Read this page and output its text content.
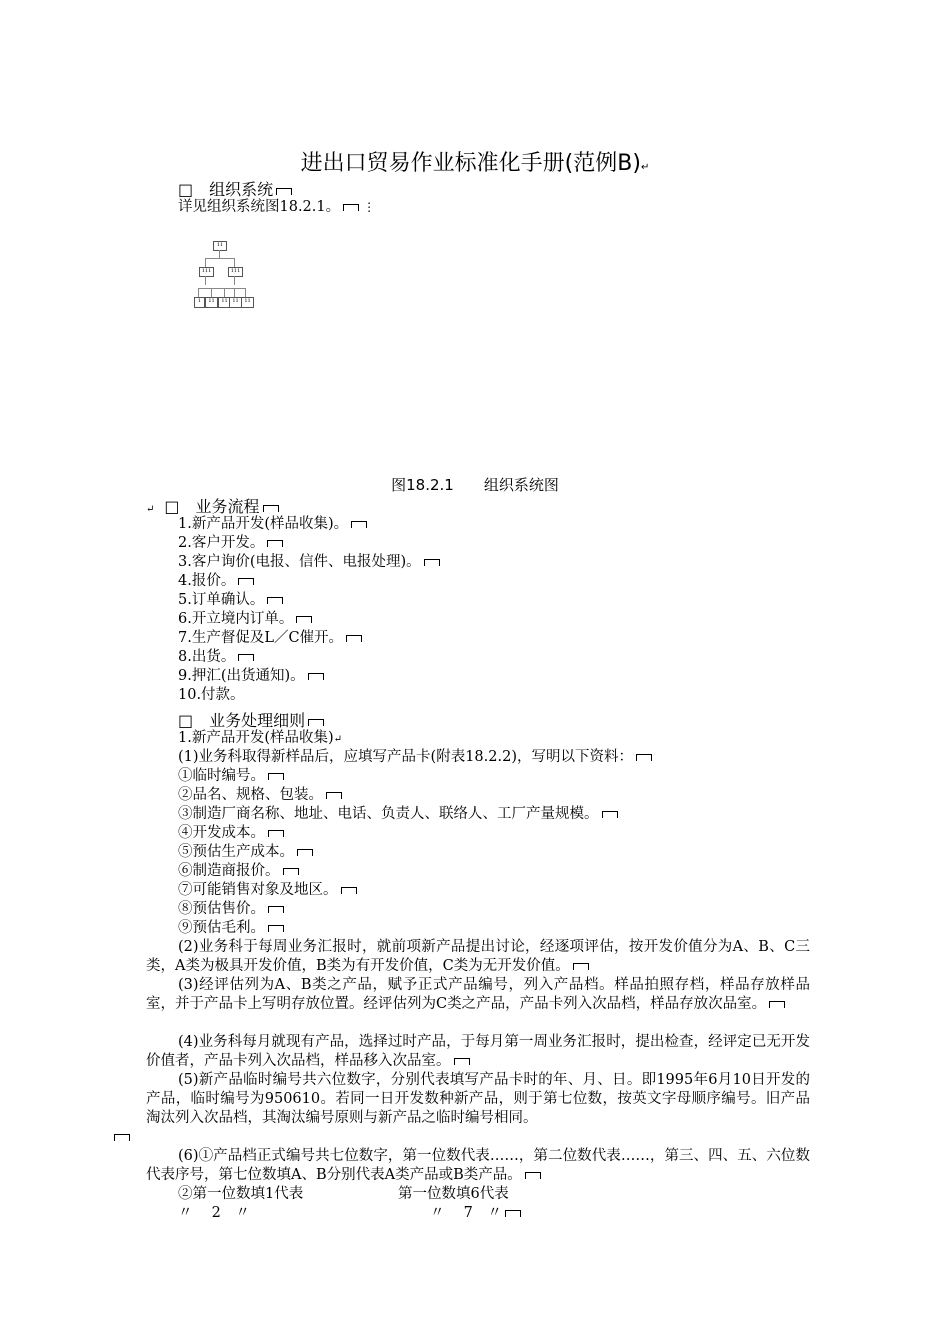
进出口贸易作业标准化手册(范例B)↵
□　组织系统
详见组织系统图18.2.1。 ⋮
11
111	111
1	11	11 11	11
图18.2.1　　组织系统图
↵　□　业务流程
1.新产品开发(样品收集)。
2.客户开发。
3.客户询价(电报、信件、电报处理)。
4.报价。
5.订单确认。
6.开立境内订单。
7.生产督促及L／C催开。
8.出货。
9.押汇(出货通知)。
10.付款。
□　业务处理细则
1.新产品开发(样品收集)↵
(1)业务科取得新样品后，应填写产品卡(附表18.2.2)，写明以下资料：
①临时编号。
②品名、规格、包装。
③制造厂商名称、地址、电话、负责人、联络人、工厂产量规模。
④开发成本。
⑤预估生产成本。
⑥制造商报价。
⑦可能销售对象及地区。
⑧预估售价。
⑨预估毛利。
(2)业务科于每周业务汇报时，就前项新产品提出讨论，经逐项评估，按开发价值分为A、B、C三类，A类为极具开发价值，B类为有开发价值，C类为无开发价值。
(3)经评估列为A、B类之产品，赋予正式产品编号，列入产品档。样品拍照存档，样品存放样品室，并于产品卡上写明存放位置。经评估列为C类之产品，产品卡列入次品档，样品存放次品室。
(4)业务科每月就现有产品，选择过时产品，于每月第一周业务汇报时，提出检查，经评定已无开发价值者，产品卡列入次品档，样品移入次品室。
(5)新产品临时编号共六位数字，分别代表填写产品卡时的年、月、日。即1995年6月10日开发的产品，临时编号为950610。若同一日开发数种新产品，则于第七位数，按英文字母顺序编号。旧产品淘汰列入次品档，其淘汰编号原则与新产品之临时编号相同。

(6)①产品档正式编号共七位数字，第一位数代表……，第二位数代表……，第三、四、五、六位数代表序号，第七位数填A、B分别代表A类产品或B类产品。
②第一位数填1代表	第一位数填6代表
〃　 2　〃	〃　 7　〃
